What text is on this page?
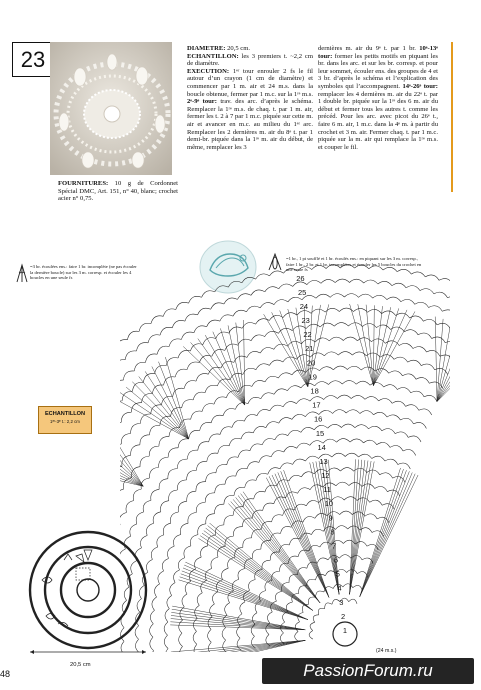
23	DIAMETRE: 20,5 cm.
ECHANTILLON: les 3 premiers t. ~2,2 cm de diamètre.
EXECUTION: 1ᵉʳ tour enrouler 2 fs le fil autour d’un crayon (1 cm de diamètre) et commencer par 1 m. air et 24 m.s. dans la boucle obtenue, fermer par 1 m.c. sur la 1ʳᵉ m.s. 2ᵉ-9ᵉ tour: trav. des arc. d’après le schéma. Remplacer la 1ʳᵉ m.s. de chaq. t. par 1 m. air, fermer les t. 2 à 7 par 1 m.c. piquée sur cette m. air et avancer en m.c. au milieu du 1ᵉʳ arc. Remplacer les 2 dernières m. air du 8ᵉ t. par 1 demi-br. piquée dans la 1ʳᵉ m. air du début, de même, remplacer les 3
dernières m. air du 9ᵉ t. par 1 br. 10ᵉ-13ᵉ tour: former les petits motifs en piquant les br. dans les arc. et sur les br. corresp. et pour leur sommet, écouler ens. des groupes de 4 et 3 br. d’après le schéma et l’explication des symboles qui l’accompagnent. 14ᵉ-26ᵉ tour: remplacer les 4 dernières m. air du 22ᵉ t. par 1 double br. piquée sur la 1ʳᵉ des 6 m. air du début et fermer tous les autres t. comme les précéd. Pour les arc. avec picot du 26ᵉ t., faire 6 m. air, 1 m.c. dans la 4ᵉ m. à partir du crochet et 3 m. air. Fermer chaq. t. par 1 m.c. piquée sur la m. air qui remplace la 1ʳᵉ m.s. et couper le fil.
FOURNITURES: 10 g de Cordonnet Spécial DMC, Art. 151, n° 40, blanc; crochet acier n° 0,75.
=3 br. écoulées ens.: faire 1 br. incomplète (ne pas écouler la dernière boucle) sur les 3 m. corresp. et écouler les 4 boucles en une seule fs
=1 br., 1 pt soufflé et 1 br. écoulés ens.: en piquant sur les 3 m. corresp., faire 1 br., 2 br. et 1 br. incomplètes et écouler les 5 boucles du crochet en une seule fs
ECHANTILLON
1ᵉʳ-3ᵉ t.: 2,2 cm
26
25
24
23
22
21
20
19
18
17
16
15
14
13
12
11
10
9
8
7
6
5
4
3
2
1
20,5 cm
(24 m.s.)
48	PassionForum.ru
